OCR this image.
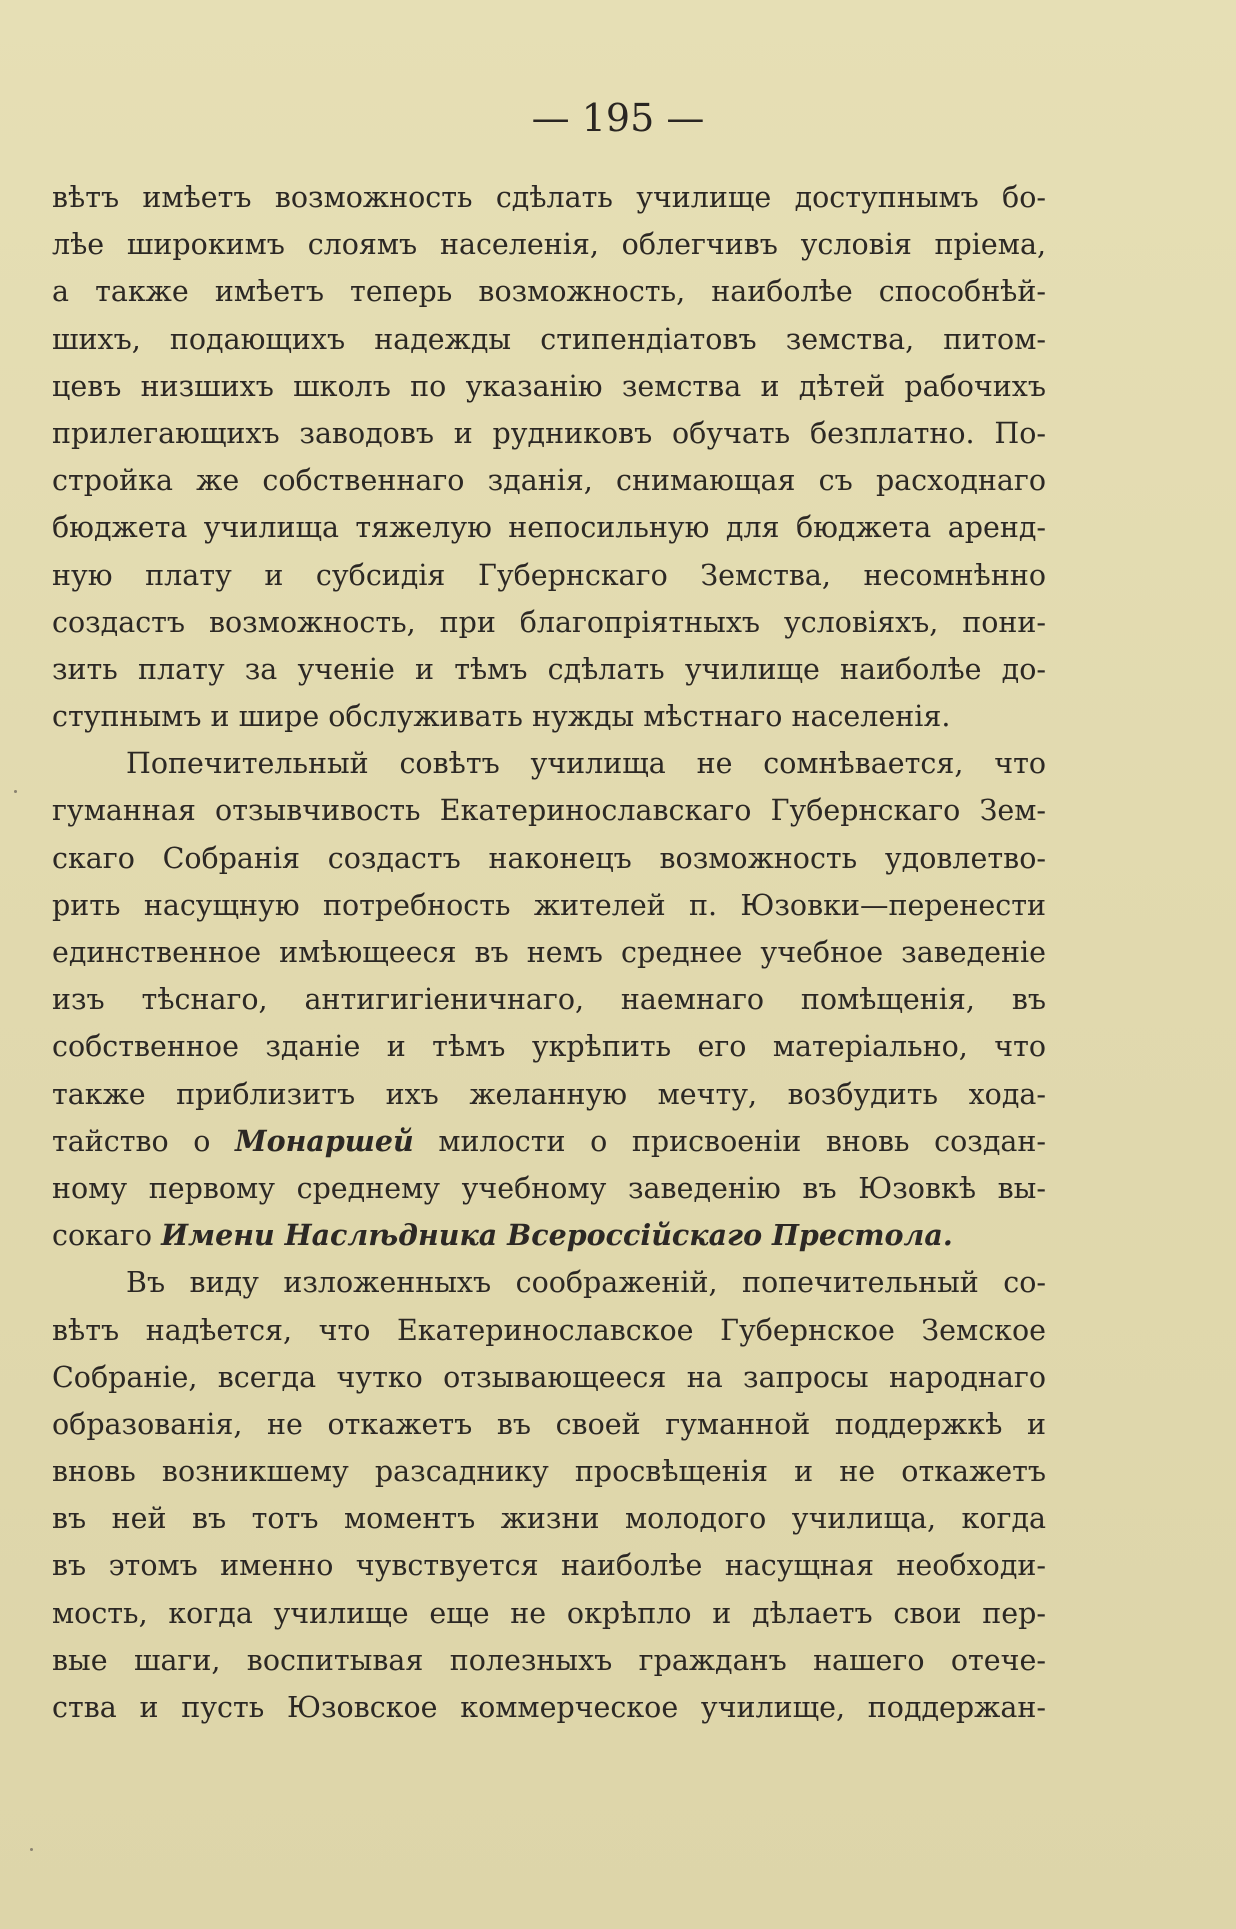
— 195 —
вѣтъ имѣетъ возможность сдѣлать училище доступнымъ бо-
лѣе широкимъ слоямъ населенія, облегчивъ условія пріема,
а также имѣетъ теперь возможность, наиболѣе способнѣй-
шихъ, подающихъ надежды стипендіатовъ земства, питом-
цевъ низшихъ школъ по указанію земства и дѣтей рабочихъ
прилегающихъ заводовъ и рудниковъ обучать безплатно. По-
стройка же собственнаго зданія, снимающая съ расходнаго
бюджета училища тяжелую непосильную для бюджета аренд-
ную плату и субсидія Губернскаго Земства, несомнѣнно
создастъ возможность, при благопріятныхъ условіяхъ, пони-
зить плату за ученіе и тѣмъ сдѣлать училище наиболѣе до-
ступнымъ и шире обслуживать нужды мѣстнаго населенія.
Попечительный совѣтъ училища не сомнѣвается, что
гуманная отзывчивость Екатеринославскаго Губернскаго Зем-
скаго Собранія создастъ наконецъ возможность удовлетво-
рить насущную потребность жителей п. Юзовки—перенести
единственное имѣющееся въ немъ среднее учебное заведеніе
изъ тѣснаго, антигигіеничнаго, наемнаго помѣщенія, въ
собственное зданіе и тѣмъ укрѣпить его матеріально, что
также приблизитъ ихъ желанную мечту, возбудить хода-
тайство о Монаршей милости о присвоеніи вновь создан-
ному первому среднему учебному заведенію въ Юзовкѣ вы-
сокаго Имени Наслѣдника Всероссійскаго Престола.
Въ виду изложенныхъ соображеній, попечительный со-
вѣтъ надѣется, что Екатеринославское Губернское Земское
Собраніе, всегда чутко отзывающееся на запросы народнаго
образованія, не откажетъ въ своей гуманной поддержкѣ и
вновь возникшему разсаднику просвѣщенія и не откажетъ
въ ней въ тотъ моментъ жизни молодого училища, когда
въ этомъ именно чувствуется наиболѣе насущная необходи-
мость, когда училище еще не окрѣпло и дѣлаетъ свои пер-
вые шаги, воспитывая полезныхъ гражданъ нашего отече-
ства и пусть Юзовское коммерческое училище, поддержан-
